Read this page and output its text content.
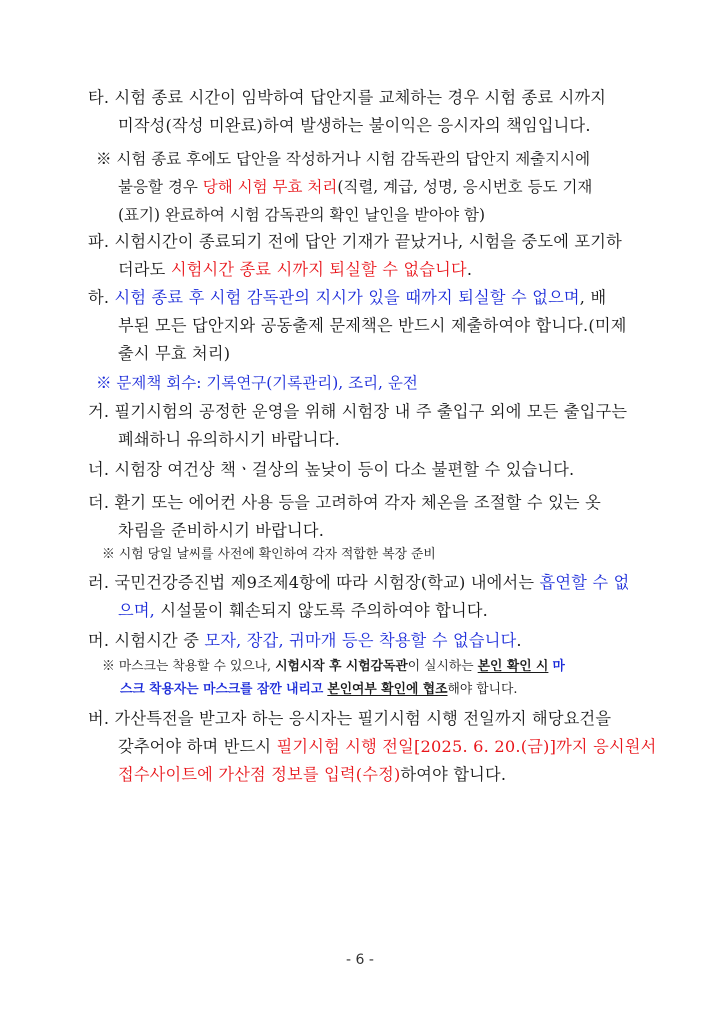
타. 시험 종료 시간이 임박하여 답안지를 교체하는 경우 시험 종료 시까지
미작성(작성 미완료)하여 발생하는 불이익은 응시자의 책임입니다.
※ 시험 종료 후에도 답안을 작성하거나 시험 감독관의 답안지 제출지시에
불응할 경우 당해 시험 무효 처리(직렬, 계급, 성명, 응시번호 등도 기재
(표기) 완료하여 시험 감독관의 확인 날인을 받아야 함)
파. 시험시간이 종료되기 전에 답안 기재가 끝났거나, 시험을 중도에 포기하
더라도 시험시간 종료 시까지 퇴실할 수 없습니다.
하. 시험 종료 후 시험 감독관의 지시가 있을 때까지 퇴실할 수 없으며, 배
부된 모든 답안지와 공동출제 문제책은 반드시 제출하여야 합니다.(미제
출시 무효 처리)
※ 문제책 회수: 기록연구(기록관리), 조리, 운전
거. 필기시험의 공정한 운영을 위해 시험장 내 주 출입구 외에 모든 출입구는
폐쇄하니 유의하시기 바랍니다.
너. 시험장 여건상 책ㆍ걸상의 높낮이 등이 다소 불편할 수 있습니다.
더. 환기 또는 에어컨 사용 등을 고려하여 각자 체온을 조절할 수 있는 옷
차림을 준비하시기 바랍니다.
※ 시험 당일 날씨를 사전에 확인하여 각자 적합한 복장 준비
러. 국민건강증진법 제9조제4항에 따라 시험장(학교) 내에서는 흡연할 수 없
으며, 시설물이 훼손되지 않도록 주의하여야 합니다.
머. 시험시간 중 모자, 장갑, 귀마개 등은 착용할 수 없습니다.
※ 마스크는 착용할 수 있으나, 시험시작 후 시험감독관이 실시하는 본인 확인 시 마
스크 착용자는 마스크를 잠깐 내리고 본인여부 확인에 협조해야 합니다.
버. 가산특전을 받고자 하는 응시자는 필기시험 시행 전일까지 해당요건을
갖추어야 하며 반드시 필기시험 시행 전일[2025. 6. 20.(금)]까지 응시원서
접수사이트에 가산점 정보를 입력(수정)하여야 합니다.
- 6 -
